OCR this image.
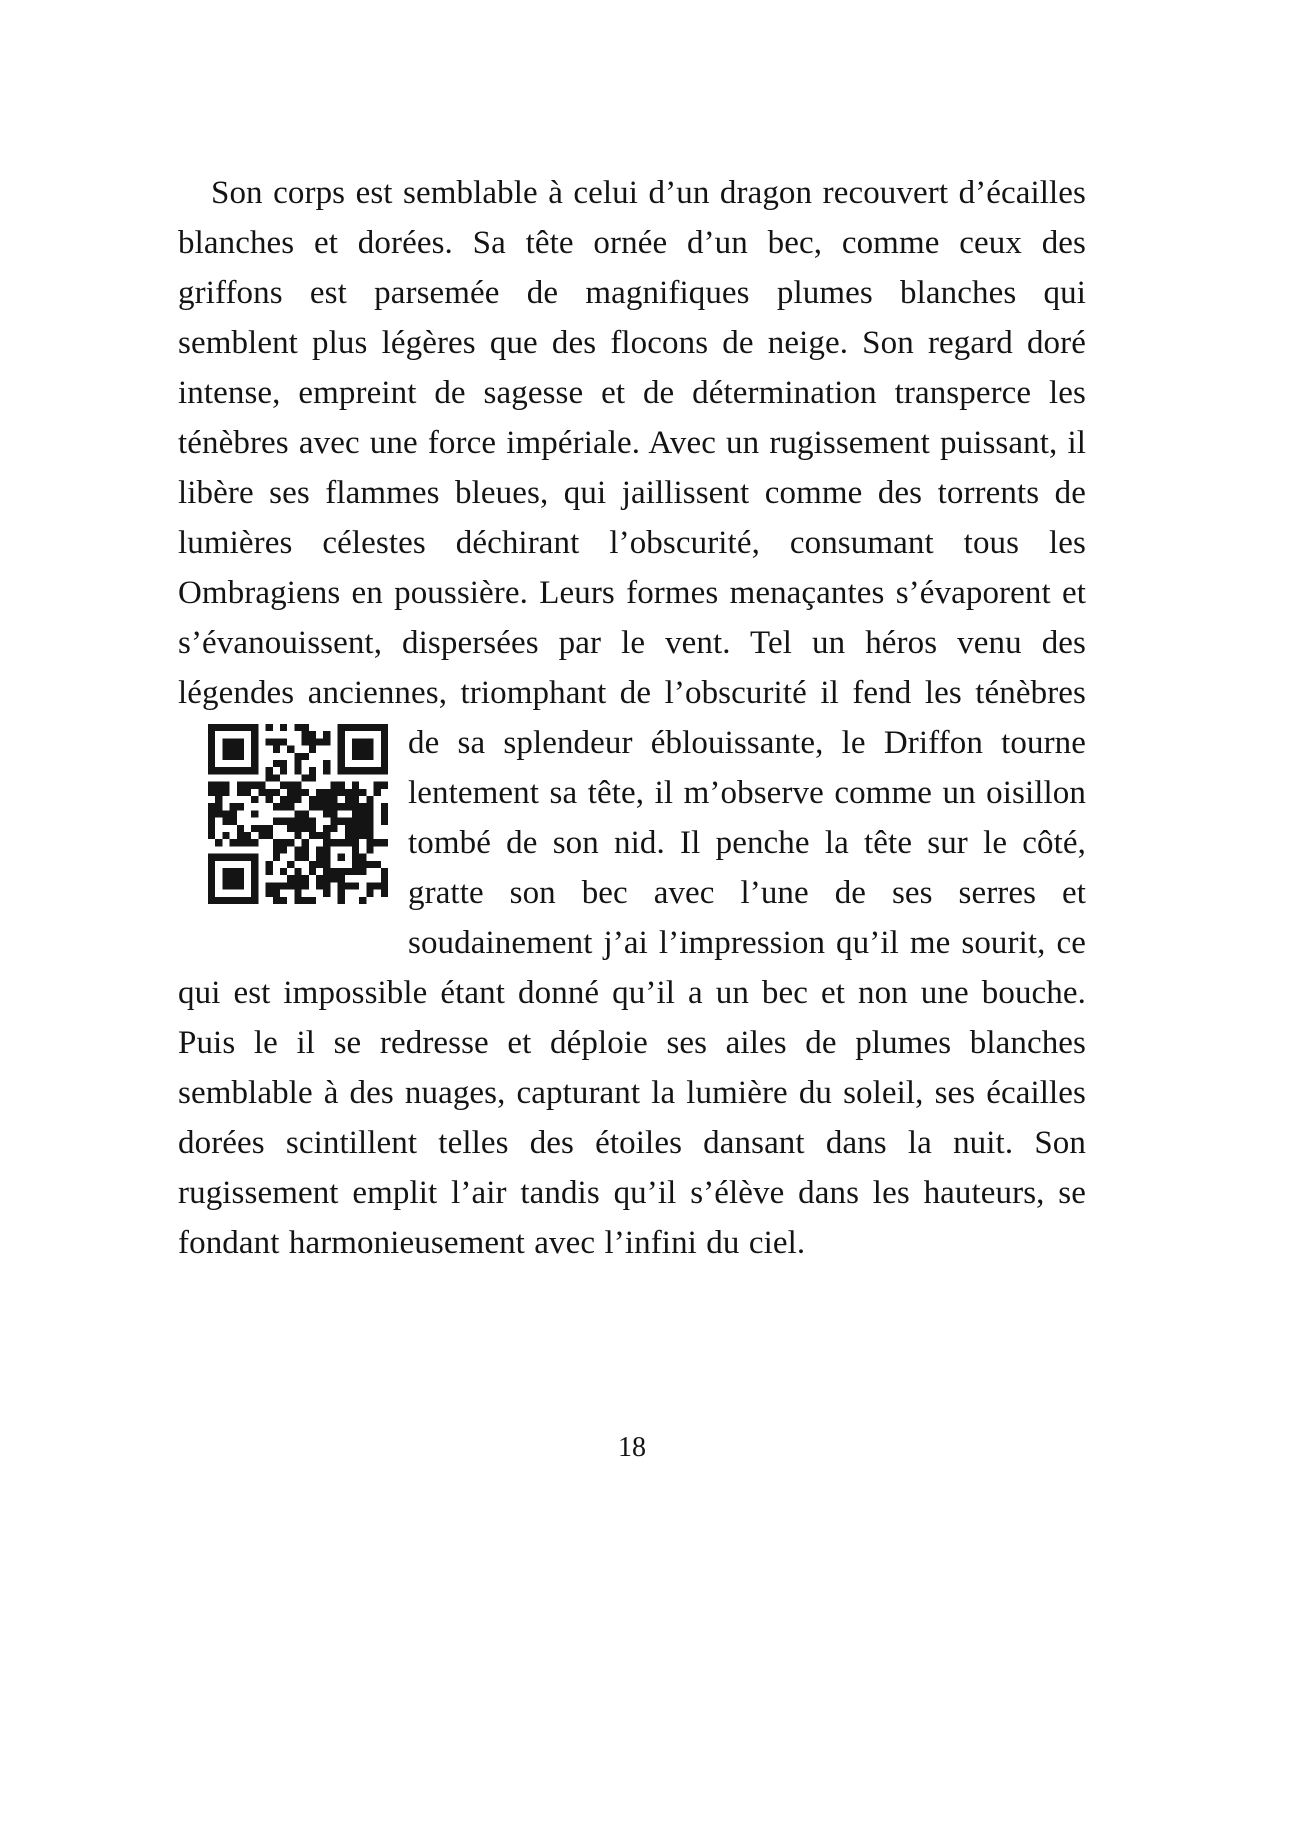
Son corps est semblable à celui d’un dragon recouvert d’écailles blanches et dorées. Sa tête ornée d’un bec, comme ceux des griffons est parsemée de magnifiques plumes blanches qui semblent plus légères que des flocons de neige. Son regard doré intense, empreint de sagesse et de détermination transperce les ténèbres avec une force impériale. Avec un rugissement puissant, il libère ses flammes bleues, qui jaillissent comme des torrents de lumières célestes déchirant l’obscurité, consumant tous les Ombragiens en poussière. Leurs formes menaçantes s’évaporent et s’évanouissent, dispersées par le vent. Tel un héros venu des légendes anciennes, triomphant de l’obscurité il fend les ténèbres de sa splendeur éblouissante, le
Driffon tourne lentement sa tête, il m’observe comme un oisillon tombé de son nid. Il penche la tête sur le côté, gratte son bec avec l’une de ses serres et soudainement j’ai l’impression qu’il me sourit, ce qui est impossible étant donné qu’il a un bec et non une bouche. Puis le il se redresse et déploie ses ailes de plumes blanches semblable à des nuages, capturant la lumière du soleil, ses écailles dorées scintillent telles des étoiles dansant dans la nuit. Son rugissement emplit l’air tandis qu’il s’élève dans les hauteurs, se fondant harmonieusement avec l’infini du ciel.

18
